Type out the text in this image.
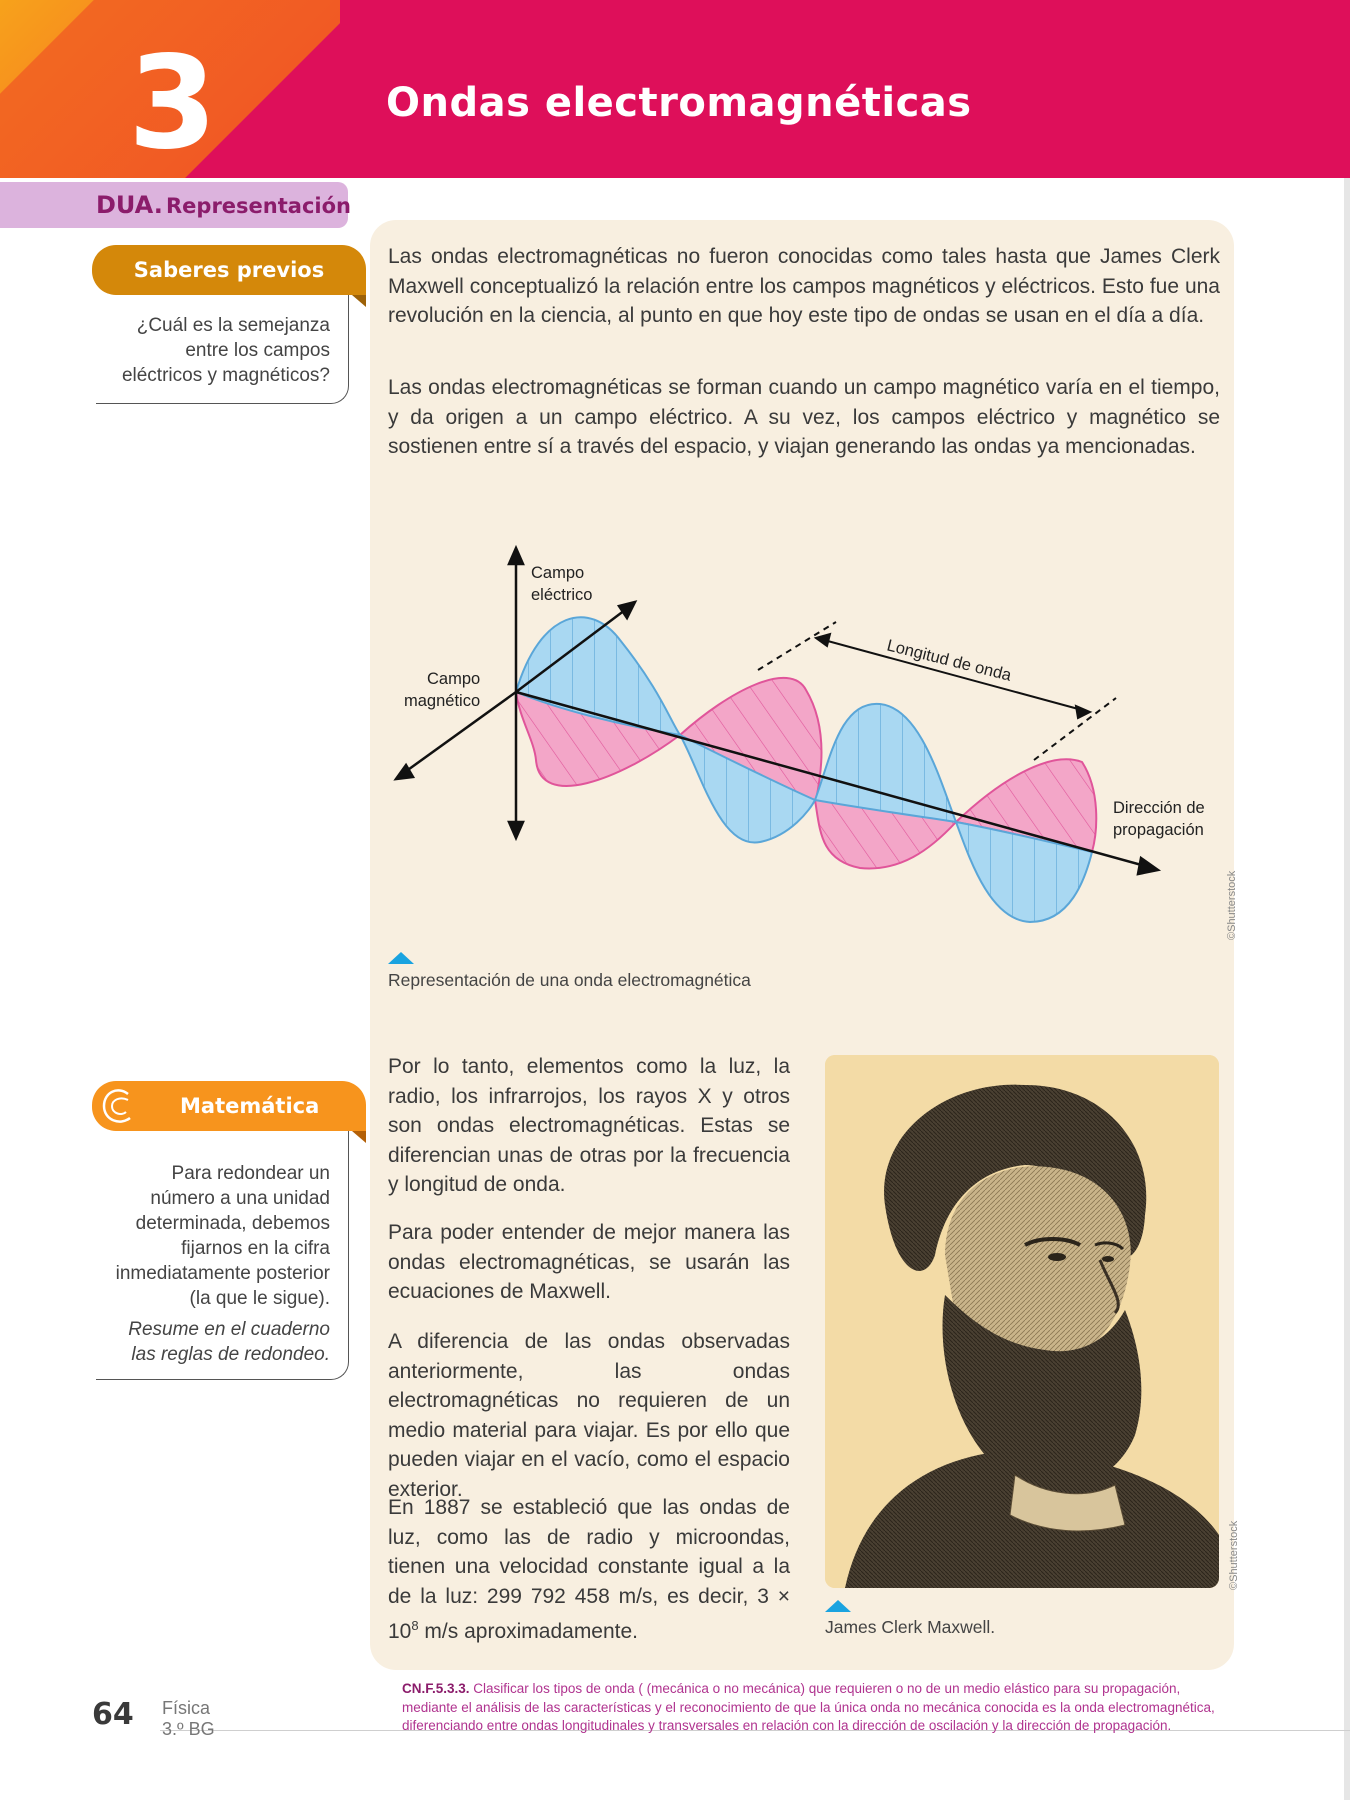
3	Ondas electromagnéticas
DUA. Representación
Saberes previos
¿Cuál es la semejanza
entre los campos
eléctricos y magnéticos?
Matemática
Para redondear un
número a una unidad
determinada, debemos
fijarnos en la cifra
inmediatamente posterior
(la que le sigue).
Resume en el cuaderno
las reglas de redondeo.
Las ondas electromagnéticas no fueron conocidas como tales hasta que James Clerk Maxwell conceptualizó la relación entre los campos magnéticos y eléctricos. Esto fue una revolución en la ciencia, al punto en que hoy este tipo de ondas se usan en el día a día.
Las ondas electromagnéticas se forman cuando un campo magnético varía en el tiempo, y da origen a un campo eléctrico. A su vez, los campos eléctrico y magnético se sostienen entre sí a través del espacio, y viajan generando las ondas ya mencionadas.
Campo
eléctrico
Campo
magnético
Longitud de onda
Dirección de
propagación
©Shutterstock
Representación de una onda electromagnética
Por lo tanto, elementos como la luz, la radio, los infrarrojos, los rayos X y otros son ondas electromagnéticas. Estas se diferencian unas de otras por la frecuencia y longitud de onda.
Para poder entender de mejor manera las ondas electromagnéticas, se usarán las ecuaciones de Maxwell.
A diferencia de las ondas observadas anteriormente, las ondas electromagnéticas no requieren de un medio material para viajar. Es por ello que pueden viajar en el vacío, como el espacio exterior.
En 1887 se estableció que las ondas de luz, como las de radio y microondas, tienen una velocidad constante igual a la de la luz: 299 792 458 m/s, es decir, $3 \times 10^8$ m/s aproximadamente.
©Shutterstock
James Clerk Maxwell.
64 Física
3.º BG
CN.F.5.3.3. Clasificar los tipos de onda ( (mecánica o no mecánica) que requieren o no de un medio elástico para su propagación, mediante el análisis de las características y el reconocimiento de que la única onda no mecánica conocida es la onda electromagnética, diferenciando entre ondas longitudinales y transversales en relación con la dirección de oscilación y la dirección de propagación.
